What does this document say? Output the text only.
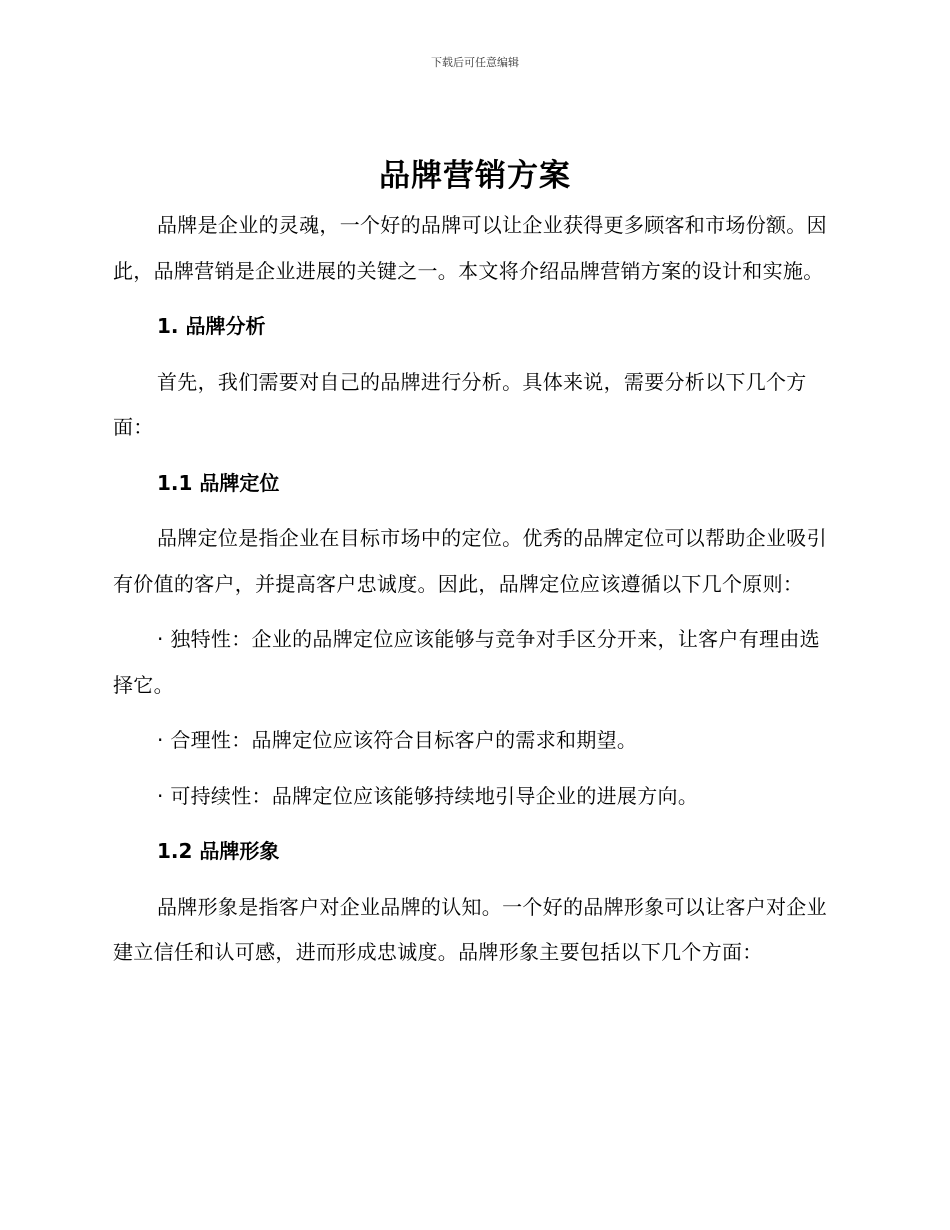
下载后可任意编辑
品牌营销方案

品牌是企业的灵魂，一个好的品牌可以让企业获得更多顾客和市场份额。因此，品牌营销是企业进展的关键之一。本文将介绍品牌营销方案的设计和实施。

1. 品牌分析

首先，我们需要对自己的品牌进行分析。具体来说，需要分析以下几个方面：

1.1 品牌定位

品牌定位是指企业在目标市场中的定位。优秀的品牌定位可以帮助企业吸引有价值的客户，并提高客户忠诚度。因此，品牌定位应该遵循以下几个原则：

· 独特性：企业的品牌定位应该能够与竞争对手区分开来，让客户有理由选择它。

· 合理性：品牌定位应该符合目标客户的需求和期望。

· 可持续性：品牌定位应该能够持续地引导企业的进展方向。

1.2 品牌形象

品牌形象是指客户对企业品牌的认知。一个好的品牌形象可以让客户对企业建立信任和认可感，进而形成忠诚度。品牌形象主要包括以下几个方面：
